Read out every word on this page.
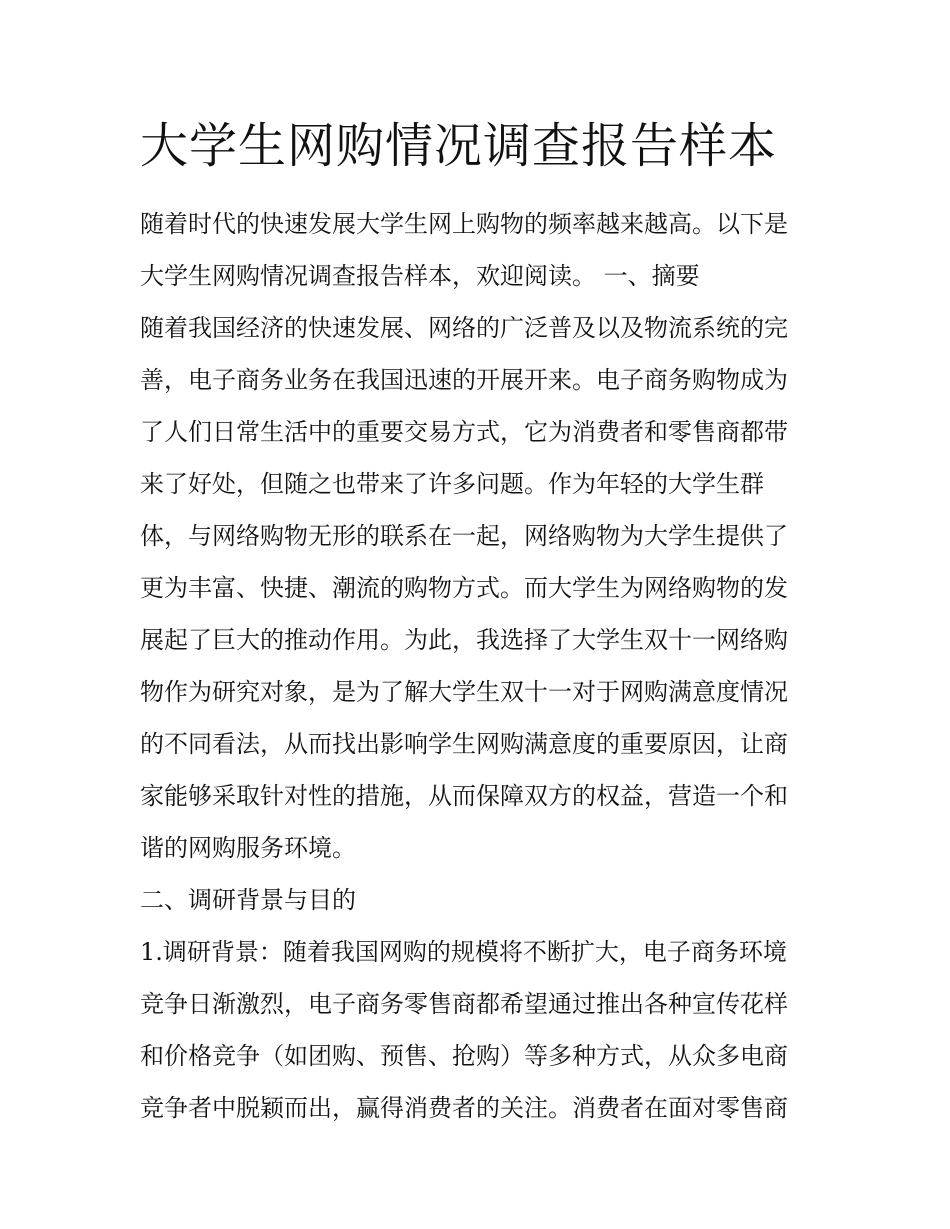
大学生网购情况调查报告样本
随着时代的快速发展大学生网上购物的频率越来越高。以下是
大学生网购情况调查报告样本，欢迎阅读。 一、摘要
随着我国经济的快速发展、网络的广泛普及以及物流系统的完
善，电子商务业务在我国迅速的开展开来。电子商务购物成为
了人们日常生活中的重要交易方式，它为消费者和零售商都带
来了好处，但随之也带来了许多问题。作为年轻的大学生群
体，与网络购物无形的联系在一起，网络购物为大学生提供了
更为丰富、快捷、潮流的购物方式。而大学生为网络购物的发
展起了巨大的推动作用。为此，我选择了大学生双十一网络购
物作为研究对象，是为了解大学生双十一对于网购满意度情况
的不同看法，从而找出影响学生网购满意度的重要原因，让商
家能够采取针对性的措施，从而保障双方的权益，营造一个和
谐的网购服务环境。
二、调研背景与目的
1.调研背景：随着我国网购的规模将不断扩大，电子商务环境
竞争日渐激烈，电子商务零售商都希望通过推出各种宣传花样
和价格竞争（如团购、预售、抢购）等多种方式，从众多电商
竞争者中脱颖而出，赢得消费者的关注。消费者在面对零售商
